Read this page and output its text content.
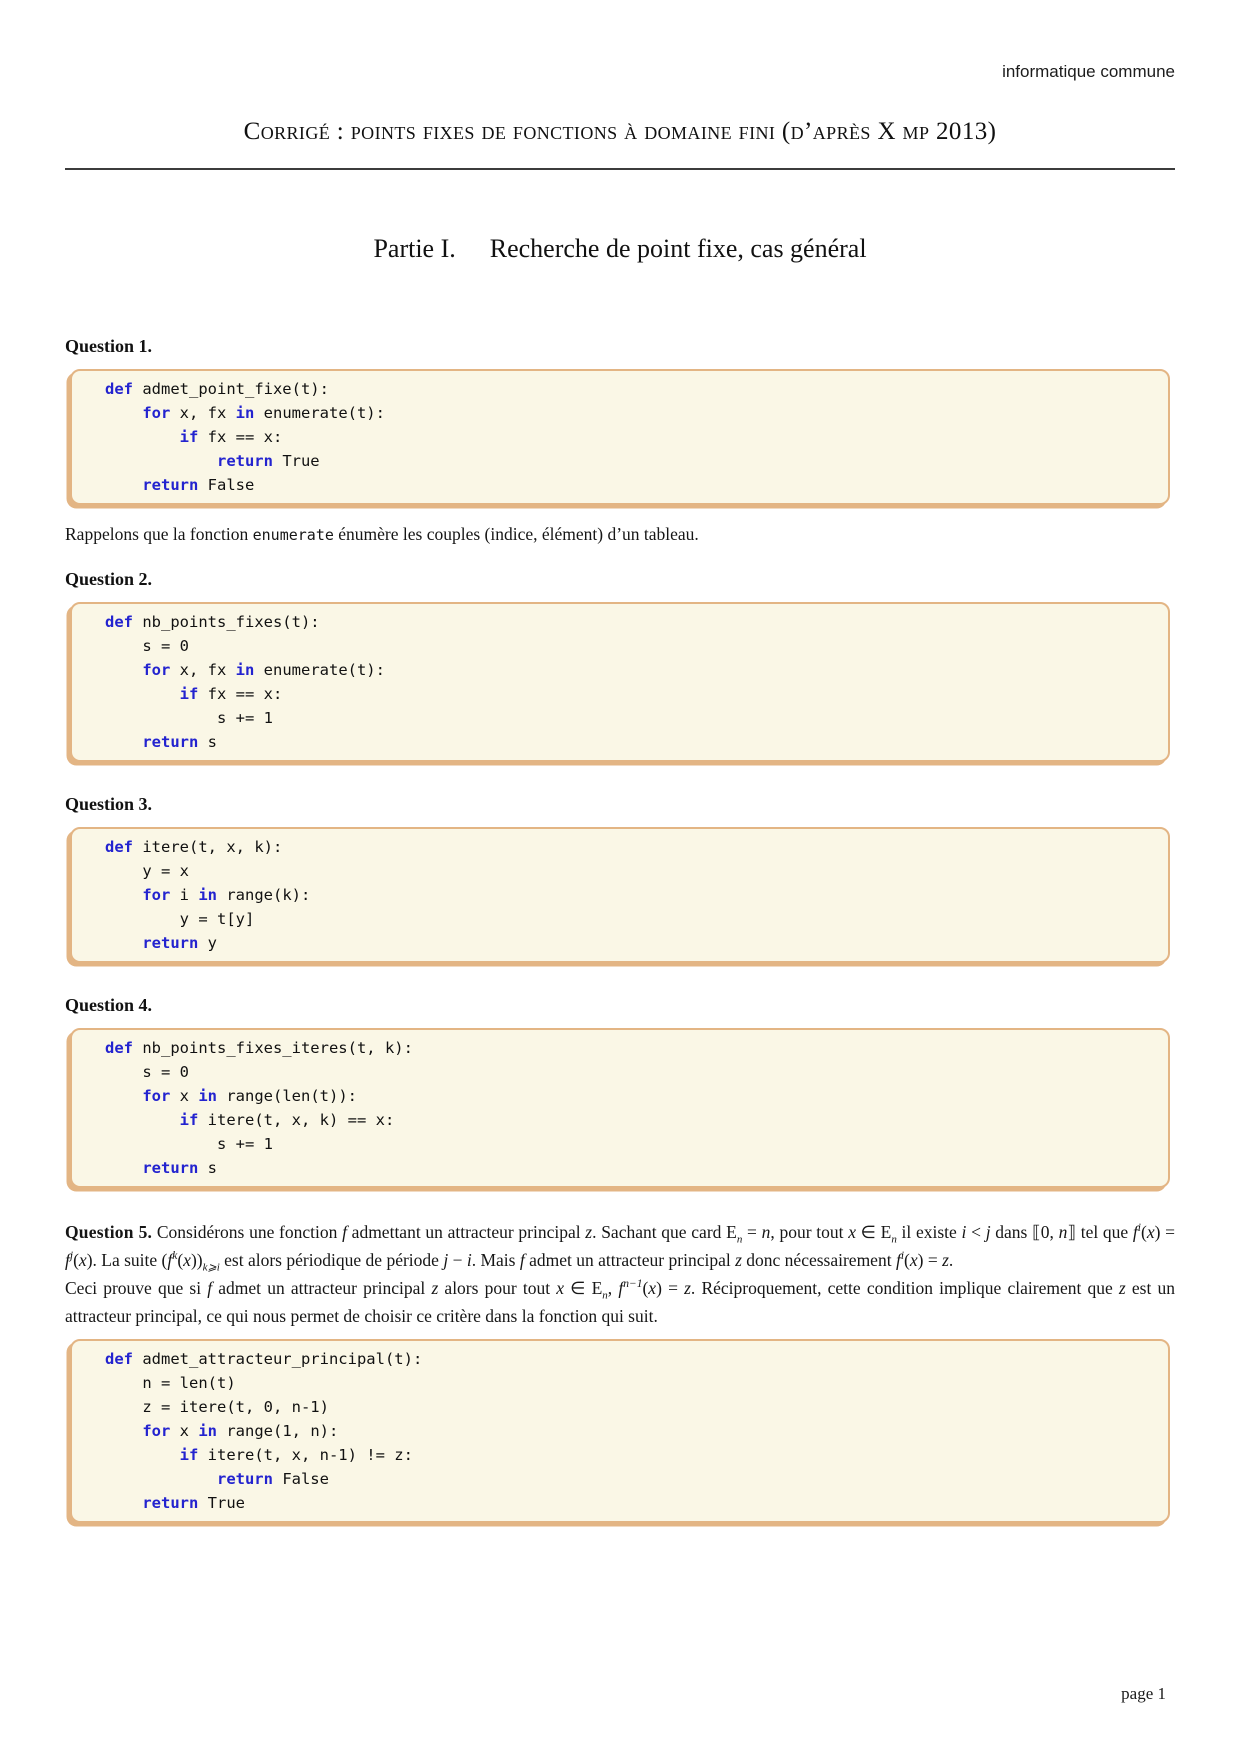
informatique commune
Corrigé : points fixes de fonctions à domaine fini (d’après X mp 2013)
Partie I. Recherche de point fixe, cas général
Question 1.
def admet_point_fixe(t):
for x, fx in enumerate(t):
if fx == x:
return True
return False

Rappelons que la fonction enumerate énumère les couples (indice, élément) d’un tableau.

Question 2.
def nb_points_fixes(t):
s = 0
for x, fx in enumerate(t):
if fx == x:
s += 1
return s
Question 3.
def itere(t, x, k):
y = x
for i in range(k):
y = t[y]
return y
Question 4.
def nb_points_fixes_iteres(t, k):
s = 0
for x in range(len(t)):
if itere(t, x, k) == x:
s += 1
return s

Question 5. Considérons une fonction f admettant un attracteur principal z. Sachant que card $E_n = n$, pour tout x ∈ $E_n$ il existe i < j dans ⟦0, n⟧ tel que $f^i(x) = f^j(x)$. La suite $(f^k(x))_{k⩾i}$ est alors périodique de période j − i. Mais f admet un attracteur principal z donc nécessairement $f^i(x) = z$.

Ceci prouve que si f admet un attracteur principal z alors pour tout x ∈ $E_n$, $f^{n-1}(x) = z$. Réciproquement, cette condition implique clairement que z est un attracteur principal, ce qui nous permet de choisir ce critère dans la fonction qui suit.

def admet_attracteur_principal(t):
n = len(t)
z = itere(t, 0, n-1)
for x in range(1, n):
if itere(t, x, n-1) != z:
return False
return True
page 1
